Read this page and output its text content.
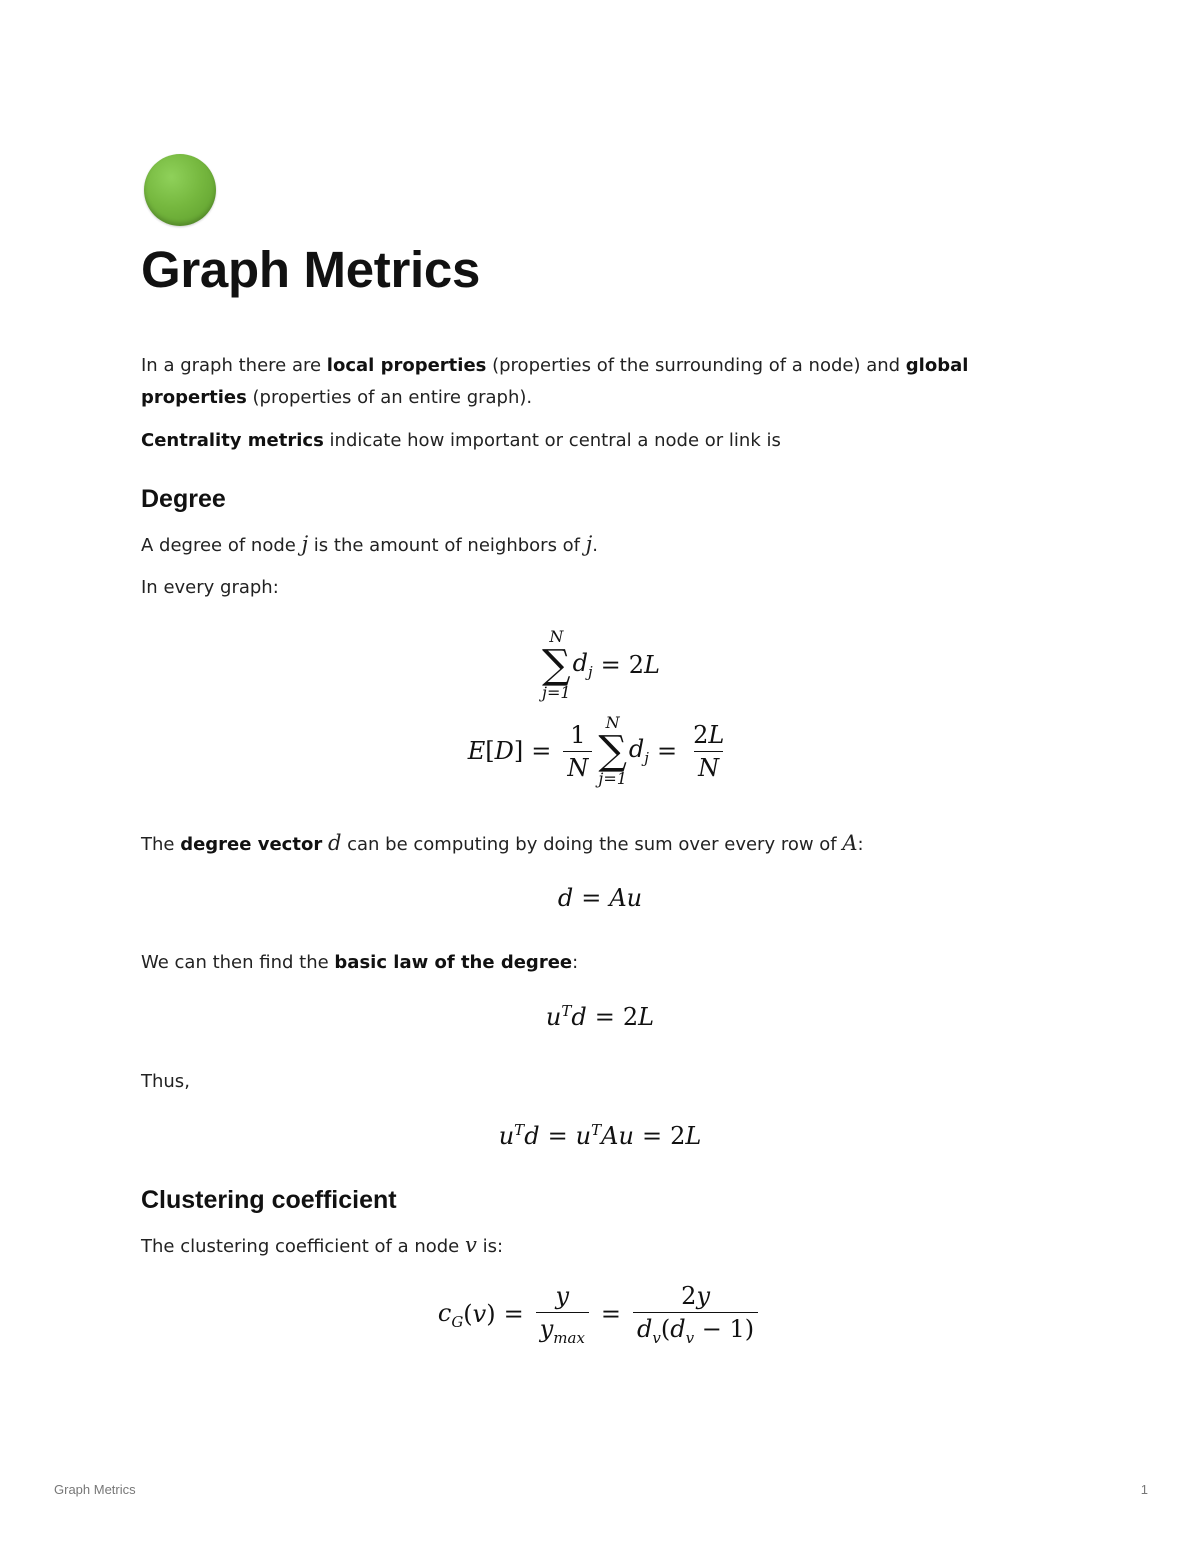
Graph Metrics

In a graph there are local properties (properties of the surrounding of a node) and global properties (properties of an entire graph).

Centrality metrics indicate how important or central a node or link is

Degree

A degree of node j is the amount of neighbors of j.

In every graph:

N
∑
j=1
$d_j = 2$ L
E [ D ] = $\frac{1}{N}$ N
∑
j=1
$d_j = \frac{2L}{N}$

The degree vector d can be computing by doing the sum over every row of A:

d = Au

We can then find the basic law of the degree:

$u^Td = 2$ L

Thus,

$u^Td = u^TAu = 2$ L
Clustering coefficient

The clustering coefficient of a node v is:

$c_G$ ( v ) = $\frac{y}{y_{max}} = \frac{2y}{d_v(d_v - 1)}$
Graph Metrics	1
